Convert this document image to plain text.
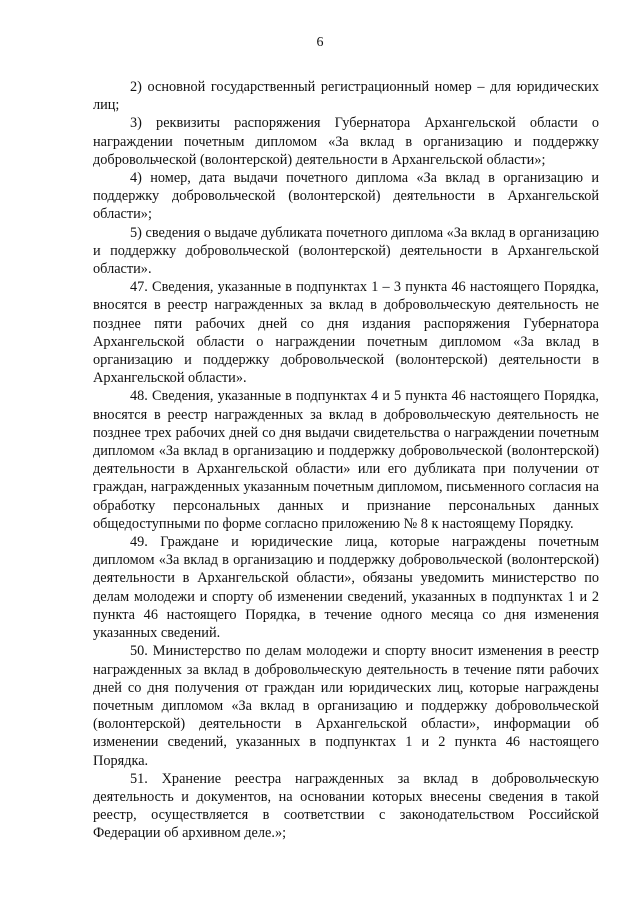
6

2) основной государственный регистрационный номер – для юридических лиц;

3) реквизиты распоряжения Губернатора Архангельской области о награждении почетным дипломом «За вклад в организацию и поддержку добровольческой (волонтерской) деятельности в Архангельской области»;

4) номер, дата выдачи почетного диплома «За вклад в организацию и поддержку добровольческой (волонтерской) деятельности в Архангельской области»;

5) сведения о выдаче дубликата почетного диплома «За вклад в организацию и поддержку добровольческой (волонтерской) деятельности в Архангельской области».

47. Сведения, указанные в подпунктах 1 – 3 пункта 46 настоящего Порядка, вносятся в реестр награжденных за вклад в добровольческую деятельность не позднее пяти рабочих дней со дня издания распоряжения Губернатора Архангельской области о награждении почетным дипломом «За вклад в организацию и поддержку добровольческой (волонтерской) деятельности в Архангельской области».

48. Сведения, указанные в подпунктах 4 и 5 пункта 46 настоящего Порядка, вносятся в реестр награжденных за вклад в добровольческую деятельность не позднее трех рабочих дней со дня выдачи свидетельства о награждении почетным дипломом «За вклад в организацию и поддержку добровольческой (волонтерской) деятельности в Архангельской области» или его дубликата при получении от граждан, награжденных указанным почетным дипломом, письменного согласия на обработку персональных данных и признание персональных данных общедоступными по форме согласно приложению № 8 к настоящему Порядку.

49. Граждане и юридические лица, которые награждены почетным дипломом «За вклад в организацию и поддержку добровольческой (волонтерской) деятельности в Архангельской области», обязаны уведомить министерство по делам молодежи и спорту об изменении сведений, указанных в подпунктах 1 и 2 пункта 46 настоящего Порядка, в течение одного месяца со дня изменения указанных сведений.

50. Министерство по делам молодежи и спорту вносит изменения в реестр награжденных за вклад в добровольческую деятельность в течение пяти рабочих дней со дня получения от граждан или юридических лиц, которые награждены почетным дипломом «За вклад в организацию и поддержку добровольческой (волонтерской) деятельности в Архангельской области», информации об изменении сведений, указанных в подпунктах 1 и 2 пункта 46 настоящего Порядка.

51. Хранение реестра награжденных за вклад в добровольческую деятельность и документов, на основании которых внесены сведения в такой реестр, осуществляется в соответствии с законодательством Российской Федерации об архивном деле.»;
